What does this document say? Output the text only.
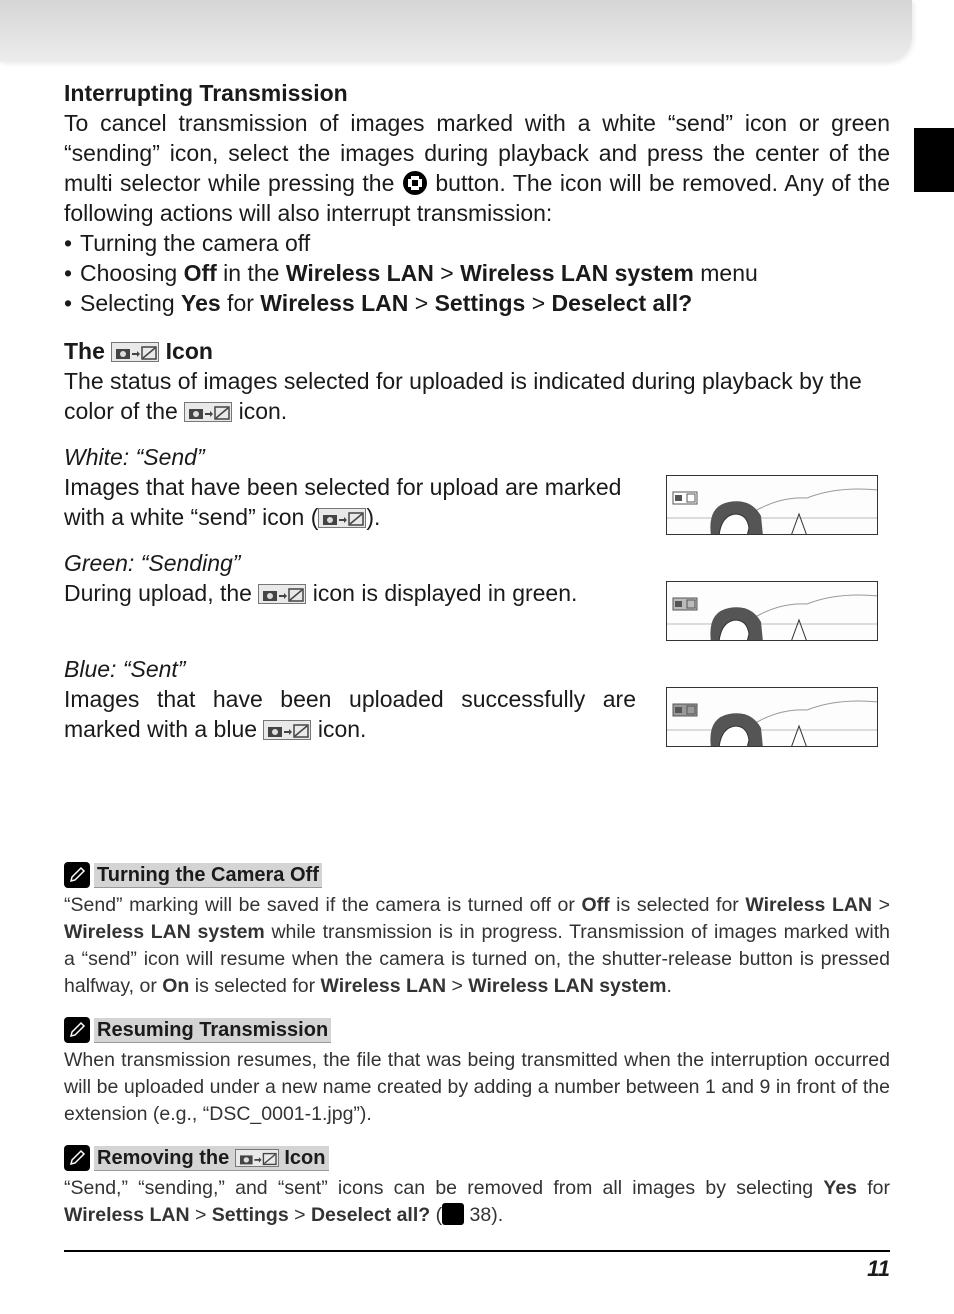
Interrupting Transmission

To cancel transmission of images marked with a white “send” icon or green “sending” icon, select the images during playback and press the center of the multi selector while pressing the button. The icon will be removed. Any of the following actions will also interrupt transmission:

• Turning the camera off
• Choosing Off in the Wireless LAN > Wireless LAN system menu
• Selecting Yes for Wireless LAN > Settings > Deselect all?

The	Icon

The status of images selected for uploaded is indicated during playback by the color of the	icon.

White: “Send”

Images that have been selected for upload are marked with a white “send” icon ( ).

Green: “Sending”

During upload, the	icon is displayed in green.

Blue: “Sent”

Images that have been uploaded successfully are marked with a blue	icon.

Turning the Camera Off

“Send” marking will be saved if the camera is turned off or Off is selected for Wireless LAN > Wireless LAN system while transmission is in progress. Transmission of images marked with a “send” icon will resume when the camera is turned on, the shutter-release button is pressed halfway, or On is selected for Wireless LAN > Wireless LAN system.

Resuming Transmission

When transmission resumes, the file that was being transmitted when the interruption occurred will be uploaded under a new name created by adding a number between 1 and 9 in front of the extension (e.g., “DSC_0001-1.jpg”).

Removing the	Icon

“Send,” “sending,” and “sent” icons can be removed from all images by selecting Yes for Wireless LAN > Settings > Deselect all? ( 38).

11
